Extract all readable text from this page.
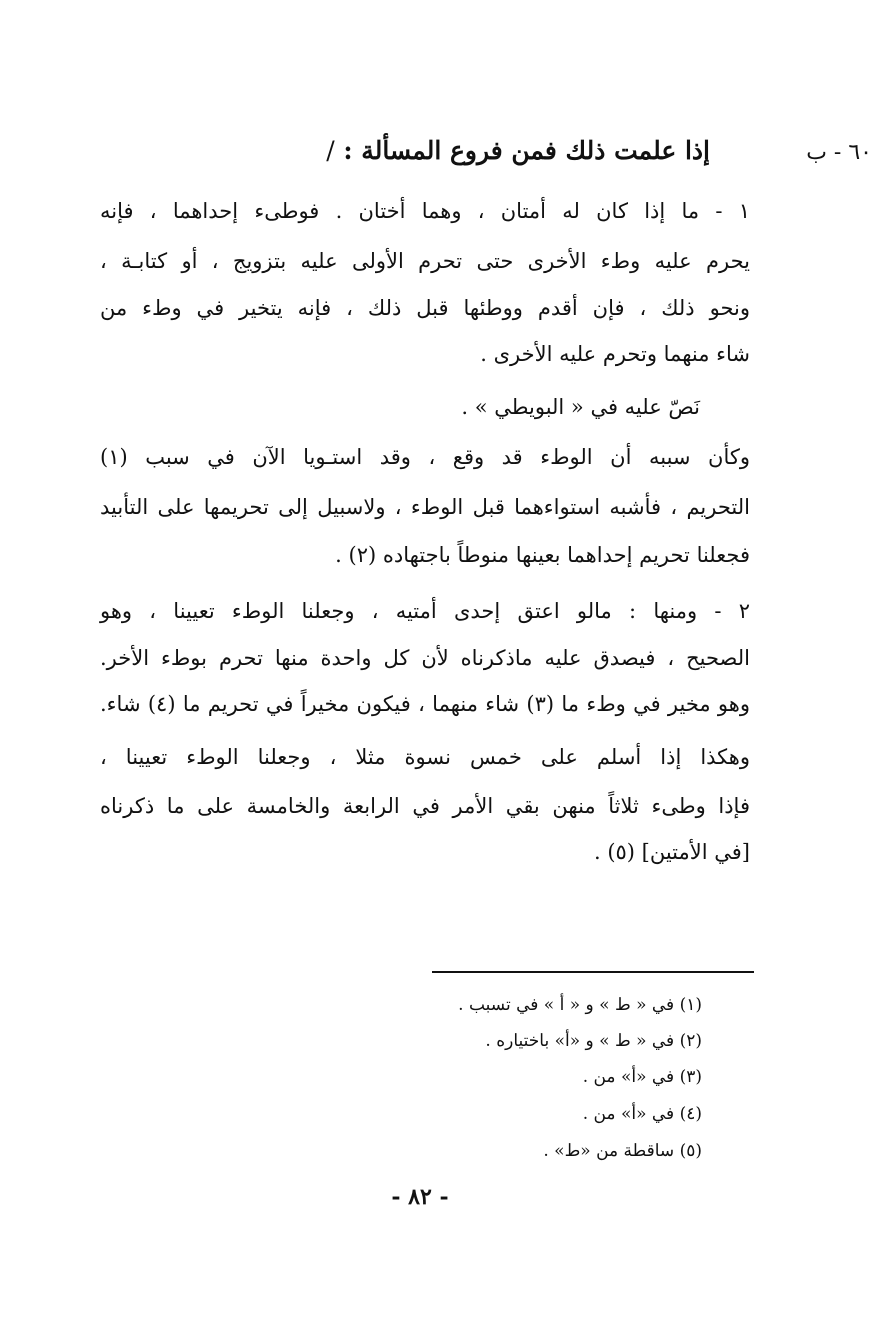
٦٠ - ب
إذا علمت ذلك فمن فروع المسألة : /
١ - ما إذا كان له أمتان ، وهما أختان . فوطىء إحداهما ، فإنه
يحرم عليه وطء الأخرى حتى تحرم الأولى عليه بتزويج ، أو كتابـة ،
ونحو ذلك ، فإن أقدم ووطئها قبل ذلك ، فإنه يتخير في وطء من
شاء منهما وتحرم عليه الأخرى .
نَصّ عليه في « البويطي » .
وكأن سببه أن الوطء قد وقع ، وقد استـويا الآن في سبب (١)
التحريم ، فأشبه استواءهما قبل الوطء ، ولاسبيل إلى تحريمها على التأبيد
فجعلنا تحريم إحداهما بعينها منوطاً باجتهاده (٢) .
٢ - ومنها : مالو اعتق إحدى أمتيه ، وجعلنا الوطء تعيينا ، وهو
الصحيح ، فيصدق عليه ماذكرناه لأن كل واحدة منها تحرم بوطء الأخر.
وهو مخير في وطء ما (٣) شاء منهما ، فيكون مخيراً في تحريم ما (٤) شاء.
وهكذا إذا أسلم على خمس نسوة مثلا ، وجعلنا الوطء تعيينا ،
فإذا وطىء ثلاثاً منهن بقي الأمر في الرابعة والخامسة على ما ذكرناه
[في الأمتين] (٥) .
(١) في « ط » و « أ » في تسبب .
(٢) في « ط » و «أ» باختياره .
(٣) في «أ» من .
(٤) في «أ» من .
(٥) ساقطة من «ط» .
- ٨٢ -
